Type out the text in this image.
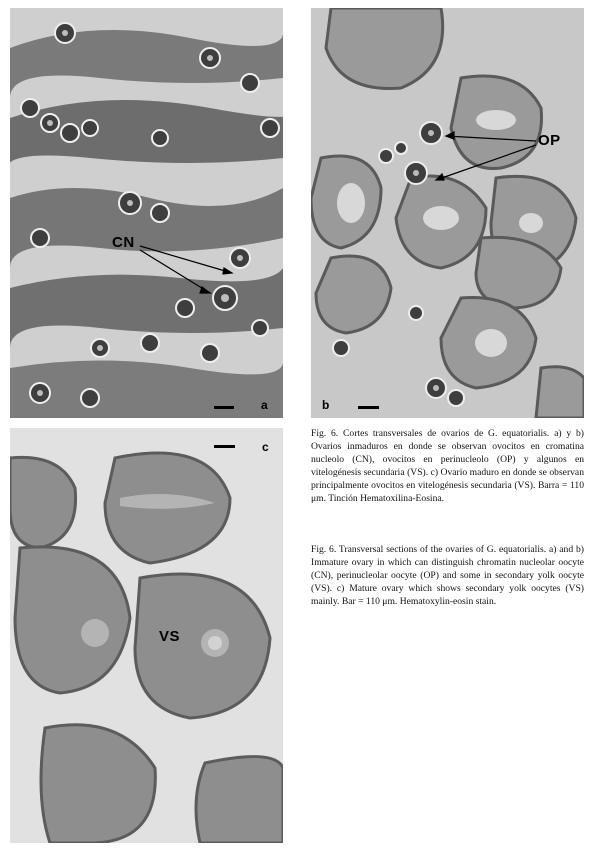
CN
a
OP
b
VS
c

Fig. 6. Cortes transversales de ovarios de G. equatorialis. a) y b) Ovarios inmaduros en donde se observan ovocitos en cromatina nucleolo (CN), ovocitos en perinucleolo (OP) y algunos en vitelogénesis secundaria (VS). c) Ovario maduro en donde se observan principalmente ovocitos en vitelogénesis secundaria (VS). Barra = 110 μm. Tinción Hematoxilina-Eosina.

Fig. 6. Transversal sections of the ovaries of G. equatorialis. a) and b) Immature ovary in which can distinguish chromatin nucleolar oocyte (CN), perinucleolar oocyte (OP) and some in secondary yolk oocyte (VS). c) Mature ovary which shows secondary yolk oocytes (VS) mainly. Bar = 110 μm. Hematoxylin-eosin stain.
